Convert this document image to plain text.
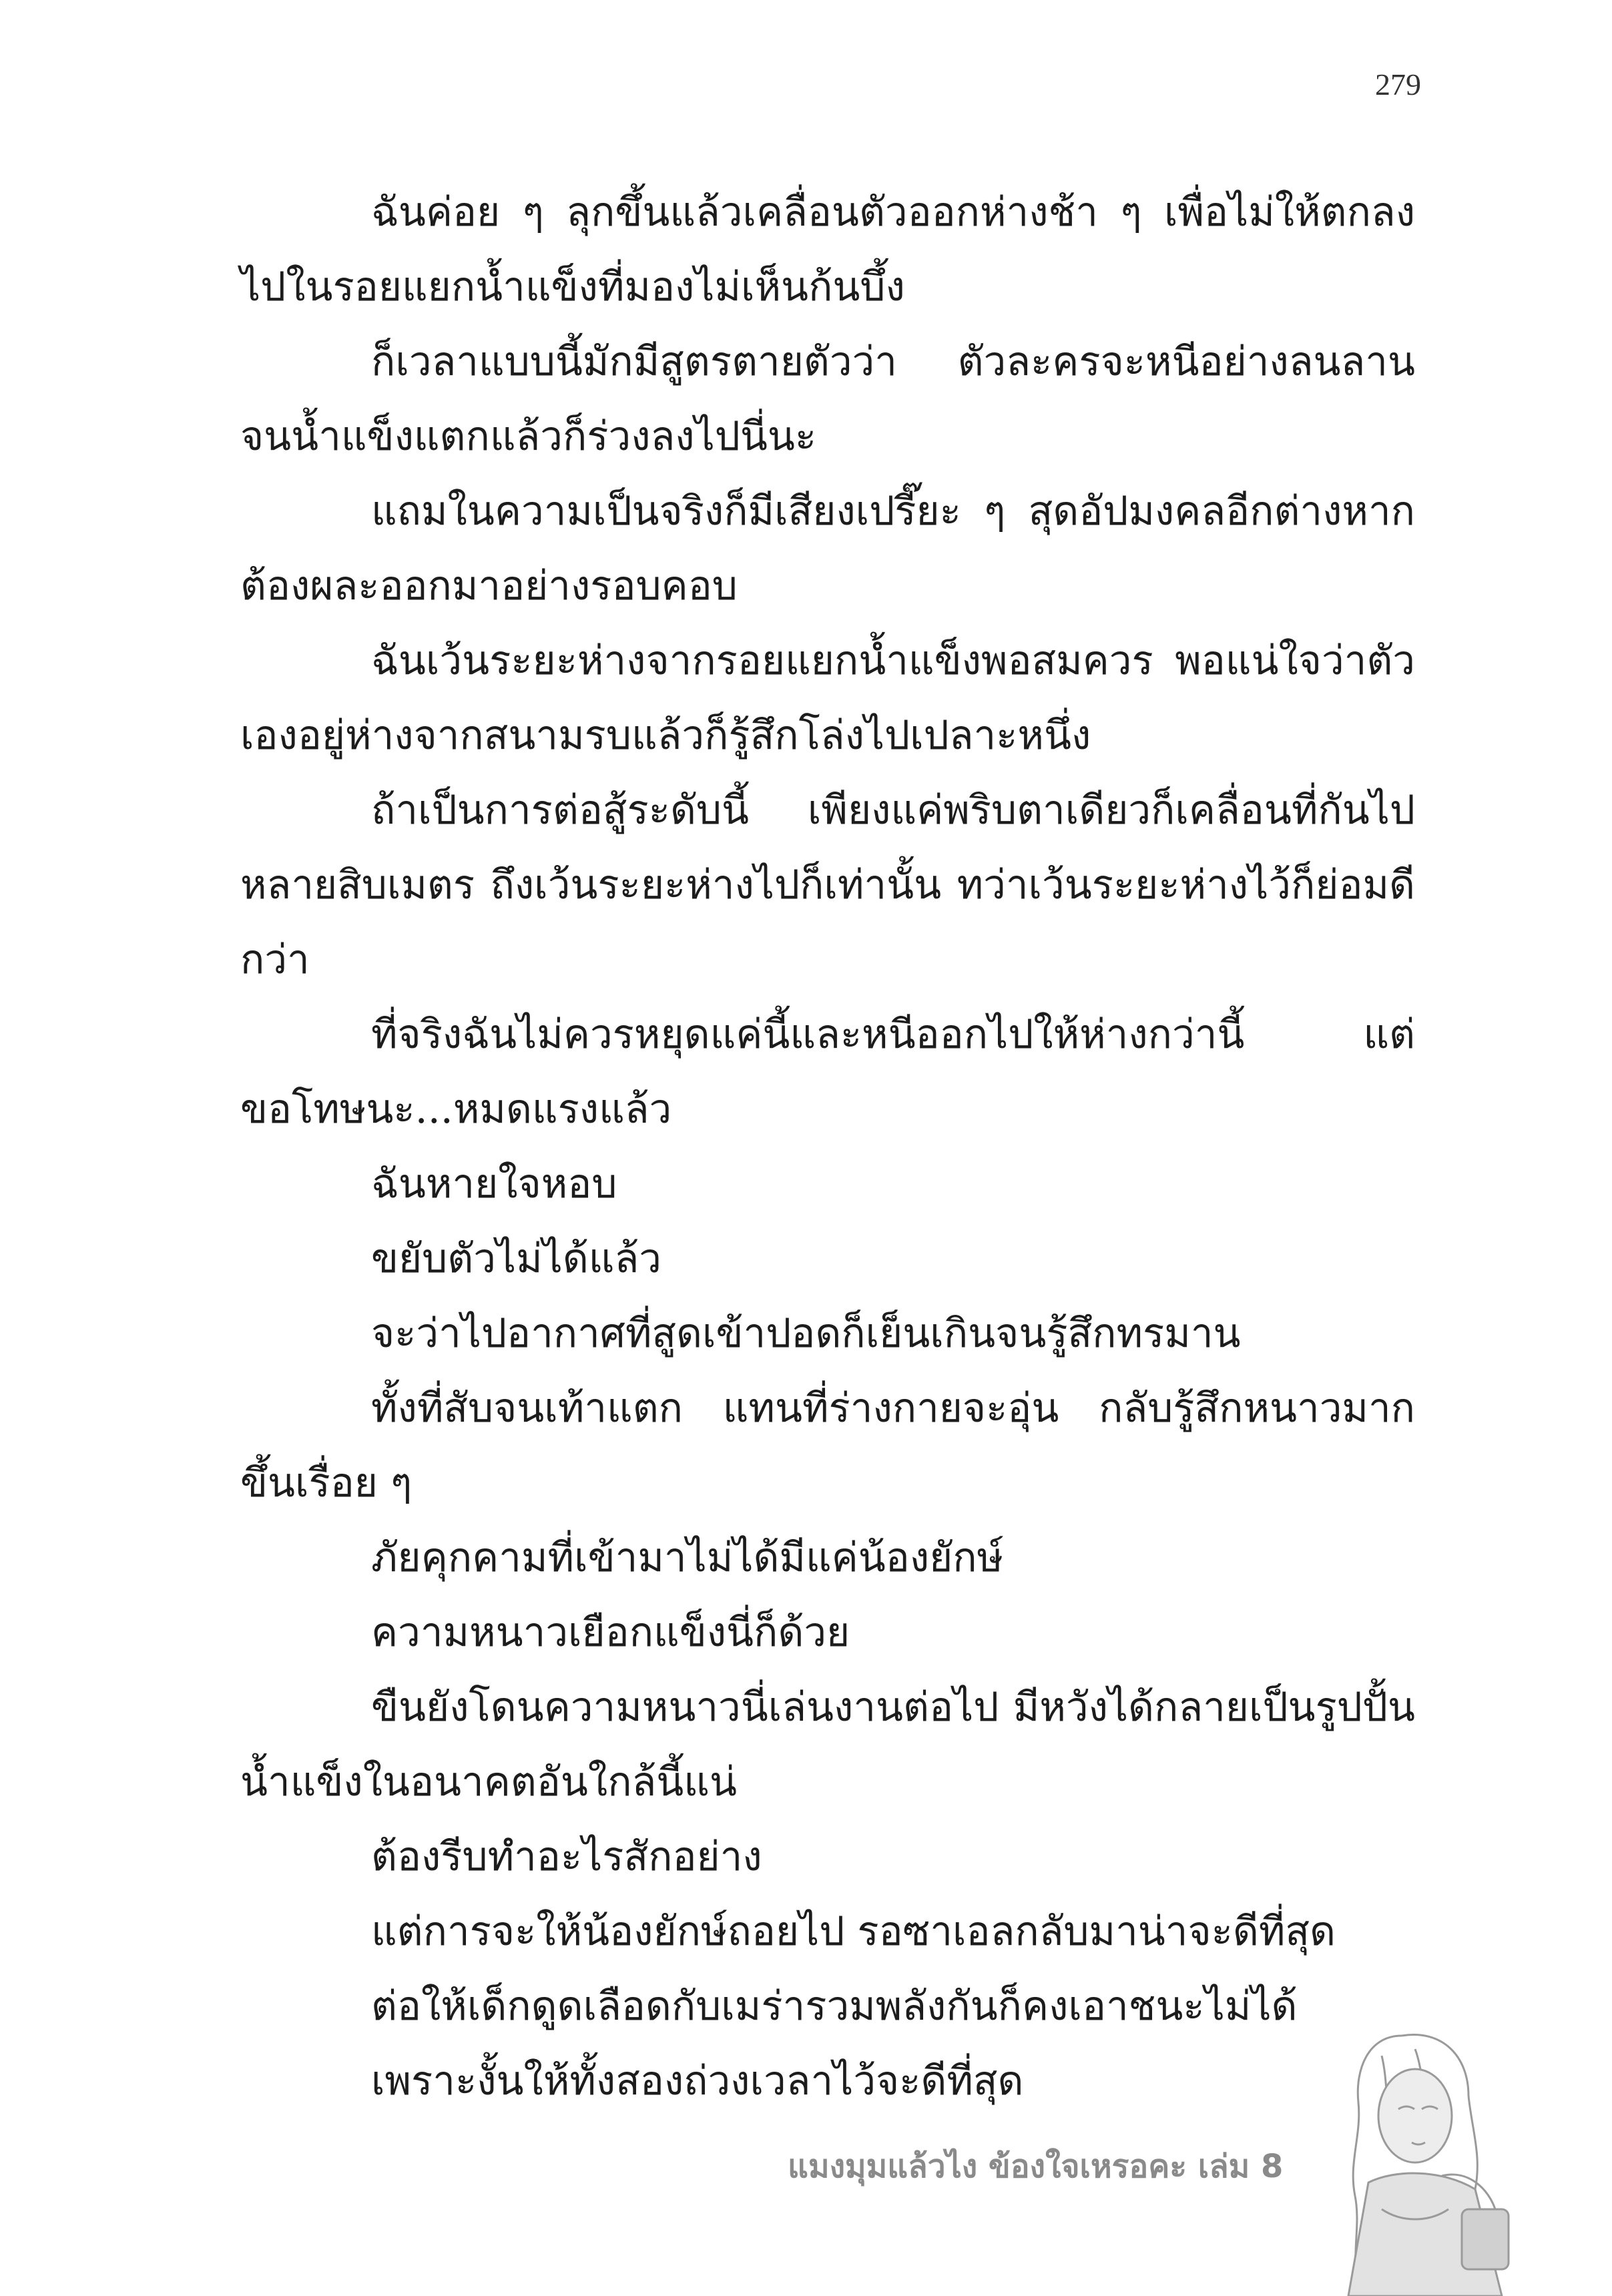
279

ฉันค่อย ๆ ลุกขึ้นแล้วเคลื่อนตัวออกห่างช้า ๆ เพื่อไม่ให้ตกลงไปในรอยแยกน้ำแข็งที่มองไม่เห็นก้นบึ้ง

ก็เวลาแบบนี้มักมีสูตรตายตัวว่า ตัวละครจะหนีอย่างลนลานจนน้ำแข็งแตกแล้วก็ร่วงลงไปนี่นะ

แถมในความเป็นจริงก็มีเสียงเปรี๊ยะ ๆ สุดอัปมงคลอีกต่างหากต้องผละออกมาอย่างรอบคอบ

ฉันเว้นระยะห่างจากรอยแยกน้ำแข็งพอสมควร พอแน่ใจว่าตัวเองอยู่ห่างจากสนามรบแล้วก็รู้สึกโล่งไปเปลาะหนึ่ง

ถ้าเป็นการต่อสู้ระดับนี้ เพียงแค่พริบตาเดียวก็เคลื่อนที่กันไปหลายสิบเมตร ถึงเว้นระยะห่างไปก็เท่านั้น ทว่าเว้นระยะห่างไว้ก็ย่อมดีกว่า

ที่จริงฉันไม่ควรหยุดแค่นี้และหนีออกไปให้ห่างกว่านี้ แต่ขอโทษนะ...หมดแรงแล้ว

ฉันหายใจหอบ

ขยับตัวไม่ได้แล้ว

จะว่าไปอากาศที่สูดเข้าปอดก็เย็นเกินจนรู้สึกทรมาน

ทั้งที่สับจนเท้าแตก แทนที่ร่างกายจะอุ่น กลับรู้สึกหนาวมากขึ้นเรื่อย ๆ

ภัยคุกคามที่เข้ามาไม่ได้มีแค่น้องยักษ์

ความหนาวเยือกแข็งนี่ก็ด้วย

ขืนยังโดนความหนาวนี่เล่นงานต่อไป มีหวังได้กลายเป็นรูปปั้นน้ำแข็งในอนาคตอันใกล้นี้แน่

ต้องรีบทำอะไรสักอย่าง

แต่การจะให้น้องยักษ์ถอยไป รอซาเอลกลับมาน่าจะดีที่สุด

ต่อให้เด็กดูดเลือดกับเมร่ารวมพลังกันก็คงเอาชนะไม่ได้

เพราะงั้นให้ทั้งสองถ่วงเวลาไว้จะดีที่สุด

แมงมุมแล้วไง ข้องใจเหรอคะ เล่ม 8
